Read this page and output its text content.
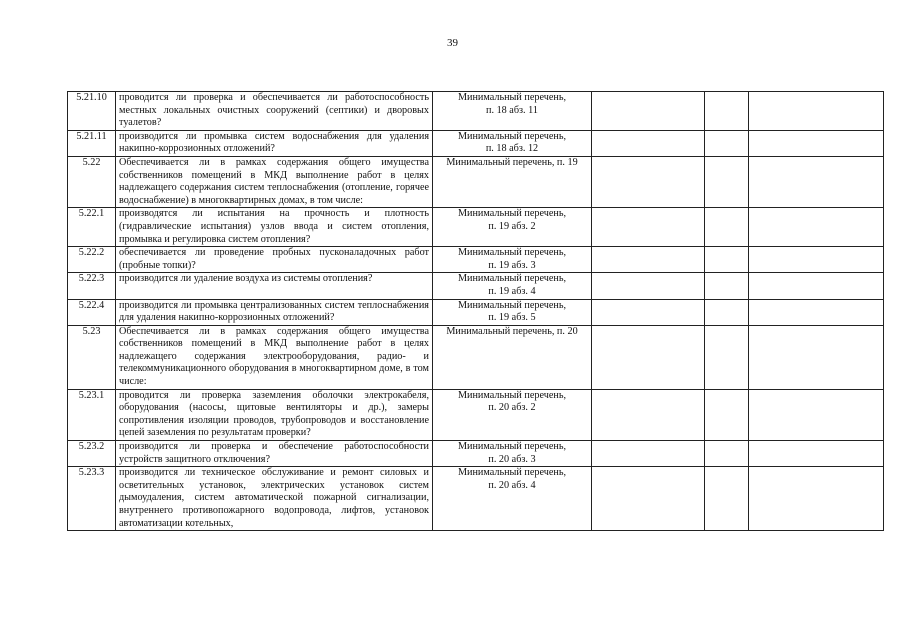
39
5.21.10	проводится ли проверка и обеспечивается ли работоспособность местных локальных очистных сооружений (септики) и дворовых туалетов?	Минимальный перечень,
п. 18 абз. 11			

5.21.11	производится ли промывка систем водоснабжения для удаления накипно-коррозионных отложений?	Минимальный перечень,
п. 18 абз. 12			

5.22	Обеспечивается ли в рамках содержания общего имущества собственников помещений в МКД выполнение работ в целях надлежащего содержания систем теплоснабжения (отопление, горячее водоснабжение) в многоквартирных домах, в том числе:	Минимальный перечень, п. 19			

5.22.1	производятся ли испытания на прочность и плотность (гидравлические испытания) узлов ввода и систем отопления, промывка и регулировка систем отопления?	Минимальный перечень,
п. 19 абз. 2			

5.22.2	обеспечивается ли проведение пробных пусконаладочных работ (пробные топки)?	Минимальный перечень,
п. 19 абз. 3			

5.22.3	производится ли удаление воздуха из системы отопления?	Минимальный перечень,
п. 19 абз. 4			

5.22.4	производится ли промывка централизованных систем теплоснабжения для удаления накипно-коррозионных отложений?	Минимальный перечень,
п. 19 абз. 5			

5.23	Обеспечивается ли в рамках содержания общего имущества собственников помещений в МКД выполнение работ в целях надлежащего содержания электрооборудования, радио- и телекоммуникационного оборудования в многоквартирном доме, в том числе:	Минимальный перечень, п. 20			

5.23.1	проводится ли проверка заземления оболочки электрокабеля, оборудования (насосы, щитовые вентиляторы и др.), замеры сопротивления изоляции проводов, трубопроводов и восстановление цепей заземления по результатам проверки?	Минимальный перечень,
п. 20 абз. 2			

5.23.2	производится ли проверка и обеспечение работоспособности устройств защитного отключения?	Минимальный перечень,
п. 20 абз. 3			

5.23.3	производится ли техническое обслуживание и ремонт силовых и осветительных установок, электрических установок систем дымоудаления, систем автоматической пожарной сигнализации, внутреннего противопожарного водопровода, лифтов, установок автоматизации котельных,	Минимальный перечень,
п. 20 абз. 4			
